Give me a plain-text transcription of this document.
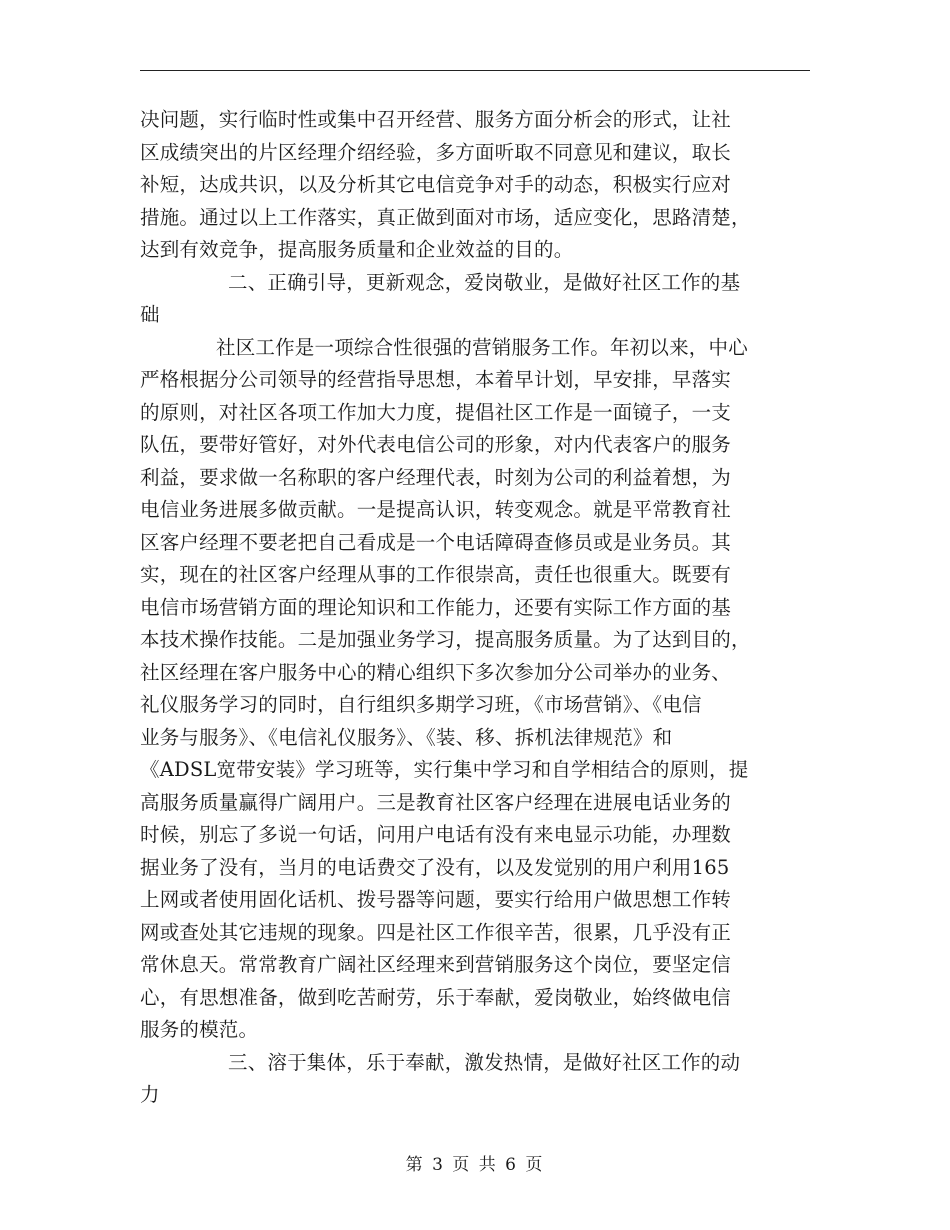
决问题，实行临时性或集中召开经营、服务方面分析会的形式，让社
区成绩突出的片区经理介绍经验，多方面听取不同意见和建议，取长
补短，达成共识，以及分析其它电信竞争对手的动态，积极实行应对
措施。通过以上工作落实，真正做到面对市场，适应变化，思路清楚，
达到有效竞争，提高服务质量和企业效益的目的。
二、正确引导，更新观念，爱岗敬业，是做好社区工作的基
础
社区工作是一项综合性很强的营销服务工作。年初以来，中心
严格根据分公司领导的经营指导思想，本着早计划，早安排，早落实
的原则，对社区各项工作加大力度，提倡社区工作是一面镜子，一支
队伍，要带好管好，对外代表电信公司的形象，对内代表客户的服务
利益，要求做一名称职的客户经理代表，时刻为公司的利益着想，为
电信业务进展多做贡献。一是提高认识，转变观念。就是平常教育社
区客户经理不要老把自己看成是一个电话障碍查修员或是业务员。其
实，现在的社区客户经理从事的工作很崇高，责任也很重大。既要有
电信市场营销方面的理论知识和工作能力，还要有实际工作方面的基
本技术操作技能。二是加强业务学习，提高服务质量。为了达到目的，
社区经理在客户服务中心的精心组织下多次参加分公司举办的业务、
礼仪服务学习的同时，自行组织多期学习班，《市场营销》、《电信
业务与服务》、《电信礼仪服务》、《装、移、拆机法律规范》和
《ADSL宽带安装》学习班等，实行集中学习和自学相结合的原则，提
高服务质量赢得广阔用户。三是教育社区客户经理在进展电话业务的
时候，别忘了多说一句话，问用户电话有没有来电显示功能，办理数
据业务了没有，当月的电话费交了没有，以及发觉别的用户利用165
上网或者使用固化话机、拨号器等问题，要实行给用户做思想工作转
网或查处其它违规的现象。四是社区工作很辛苦，很累，几乎没有正
常休息天。常常教育广阔社区经理来到营销服务这个岗位，要坚定信
心，有思想准备，做到吃苦耐劳，乐于奉献，爱岗敬业，始终做电信
服务的模范。
三、溶于集体，乐于奉献，激发热情，是做好社区工作的动
力
第 3 页 共 6 页
